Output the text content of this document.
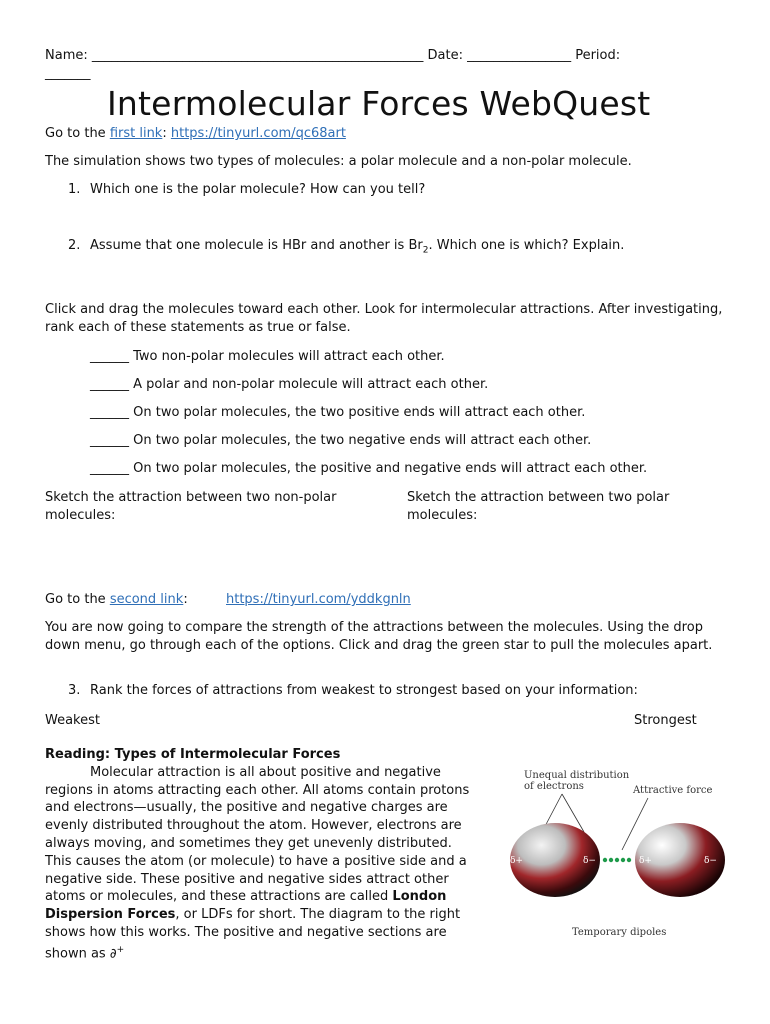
Name: ___________________________________________________ Date: ________________ Period:
_______
Intermolecular Forces WebQuest
Go to the first link: https://tinyurl.com/qc68art
The simulation shows two types of molecules: a polar molecule and a non-polar molecule.
1. Which one is the polar molecule? How can you tell?
2. Assume that one molecule is HBr and another is $Br_2$. Which one is which? Explain.
Click and drag the molecules toward each other. Look for intermolecular attractions. After investigating, rank each of these statements as true or false.
______ Two non-polar molecules will attract each other.
______ A polar and non-polar molecule will attract each other.
______ On two polar molecules, the two positive ends will attract each other.
______ On two polar molecules, the two negative ends will attract each other.
______ On two polar molecules, the positive and negative ends will attract each other.
Sketch the attraction between two non-polar
molecules:
Sketch the attraction between two polar
molecules:
Go to the second link:	https://tinyurl.com/yddkgnln
You are now going to compare the strength of the attractions between the molecules. Using the drop down menu, go through each of the options. Click and drag the green star to pull the molecules apart.
3. Rank the forces of attractions from weakest to strongest based on your information:
Weakest	Strongest
Reading: Types of Intermolecular Forces
Molecular attraction is all about positive and negative regions in atoms attracting each other. All atoms contain protons and electrons—usually, the positive and negative charges are evenly distributed throughout the atom. However, electrons are always moving, and sometimes they get unevenly distributed. This causes the atom (or molecule) to have a positive side and a negative side. These positive and negative sides attract other atoms or molecules, and these attractions are called London Dispersion Forces, or LDFs for short. The diagram to the right shows how this works. The positive and negative sections are shown as ∂+
Unequal distribution
of electrons	Attractive force
δ+	δ−	δ+	δ−
Temporary dipoles
